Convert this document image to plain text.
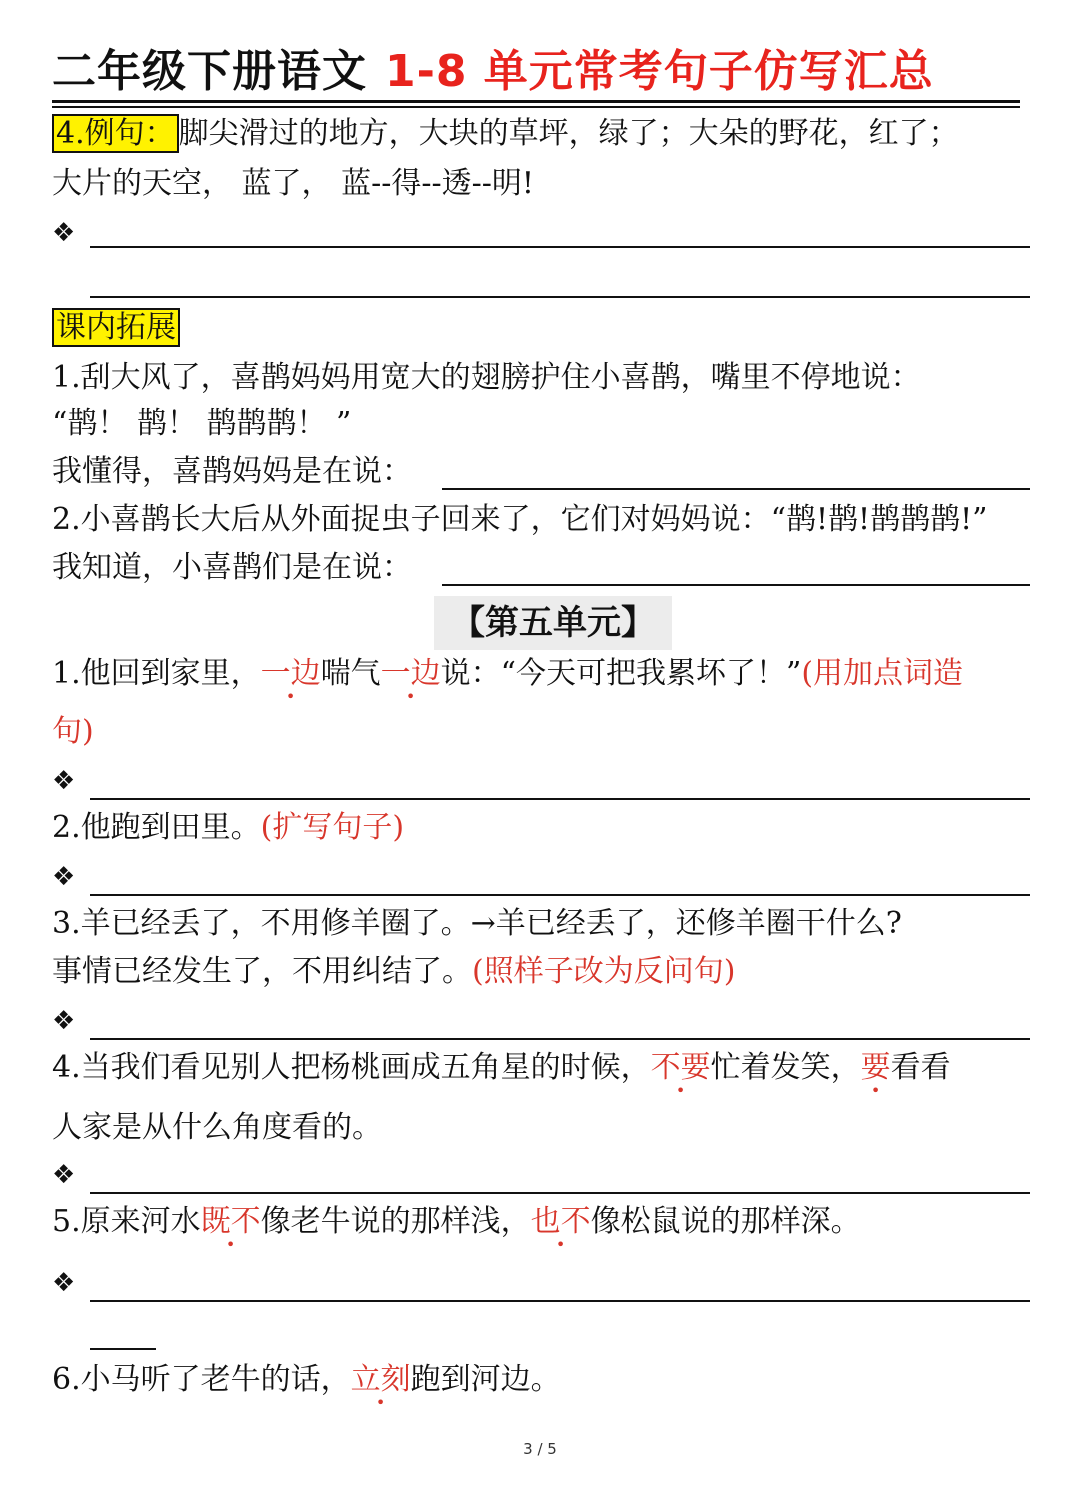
二年级下册语文 1-8 单元常考句子仿写汇总
4.例句： 脚尖滑过的地方，大块的草坪，绿了；大朵的野花，红了；
大片的天空， 蓝了， 蓝--得--透--明!
❖
课内拓展
1.刮大风了，喜鹊妈妈用宽大的翅膀护住小喜鹊，嘴里不停地说：
“鹊！ 鹊！ 鹊鹊鹊！ ”
我懂得，喜鹊妈妈是在说：
2.小喜鹊长大后从外面捉虫子回来了，它们对妈妈说：“鹊!鹊!鹊鹊鹊!”
我知道，小喜鹊们是在说：
【第五单元】
1.他回到家里，一边喘气一边说：“今天可把我累坏了！”(用加点词造
句)
❖
2.他跑到田里。(扩写句子)
❖
3.羊已经丢了，不用修羊圈了。→羊已经丢了，还修羊圈干什么?
事情已经发生了，不用纠结了。(照样子改为反问句)
❖
4.当我们看见别人把杨桃画成五角星的时候，不要忙着发笑，要看看
人家是从什么角度看的。
❖
5.原来河水既不像老牛说的那样浅，也不像松鼠说的那样深。
❖
6.小马听了老牛的话，立刻跑到河边。
3 / 5
